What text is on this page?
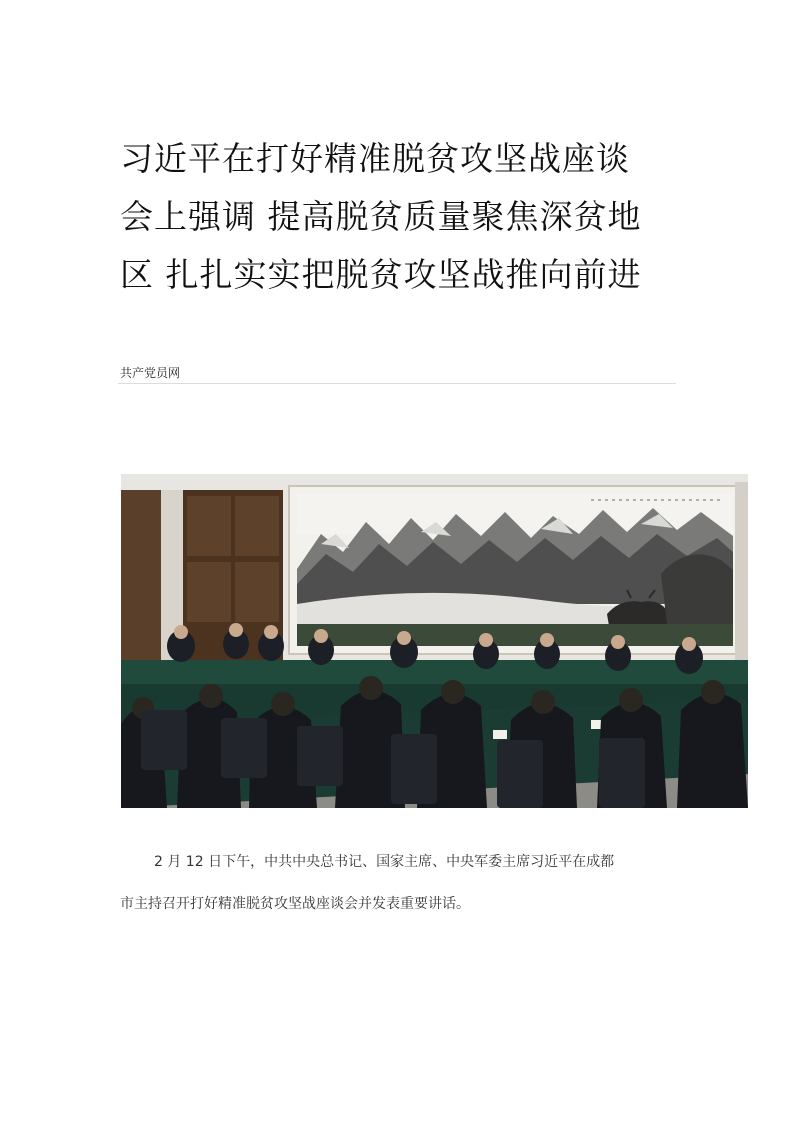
习近平在打好精准脱贫攻坚战座谈
会上强调 提高脱贫质量聚焦深贫地
区 扎扎实实把脱贫攻坚战推向前进
共产党员网

2 月 12 日下午，中共中央总书记、国家主席、中央军委主席习近平在成都

市主持召开打好精准脱贫攻坚战座谈会并发表重要讲话。
